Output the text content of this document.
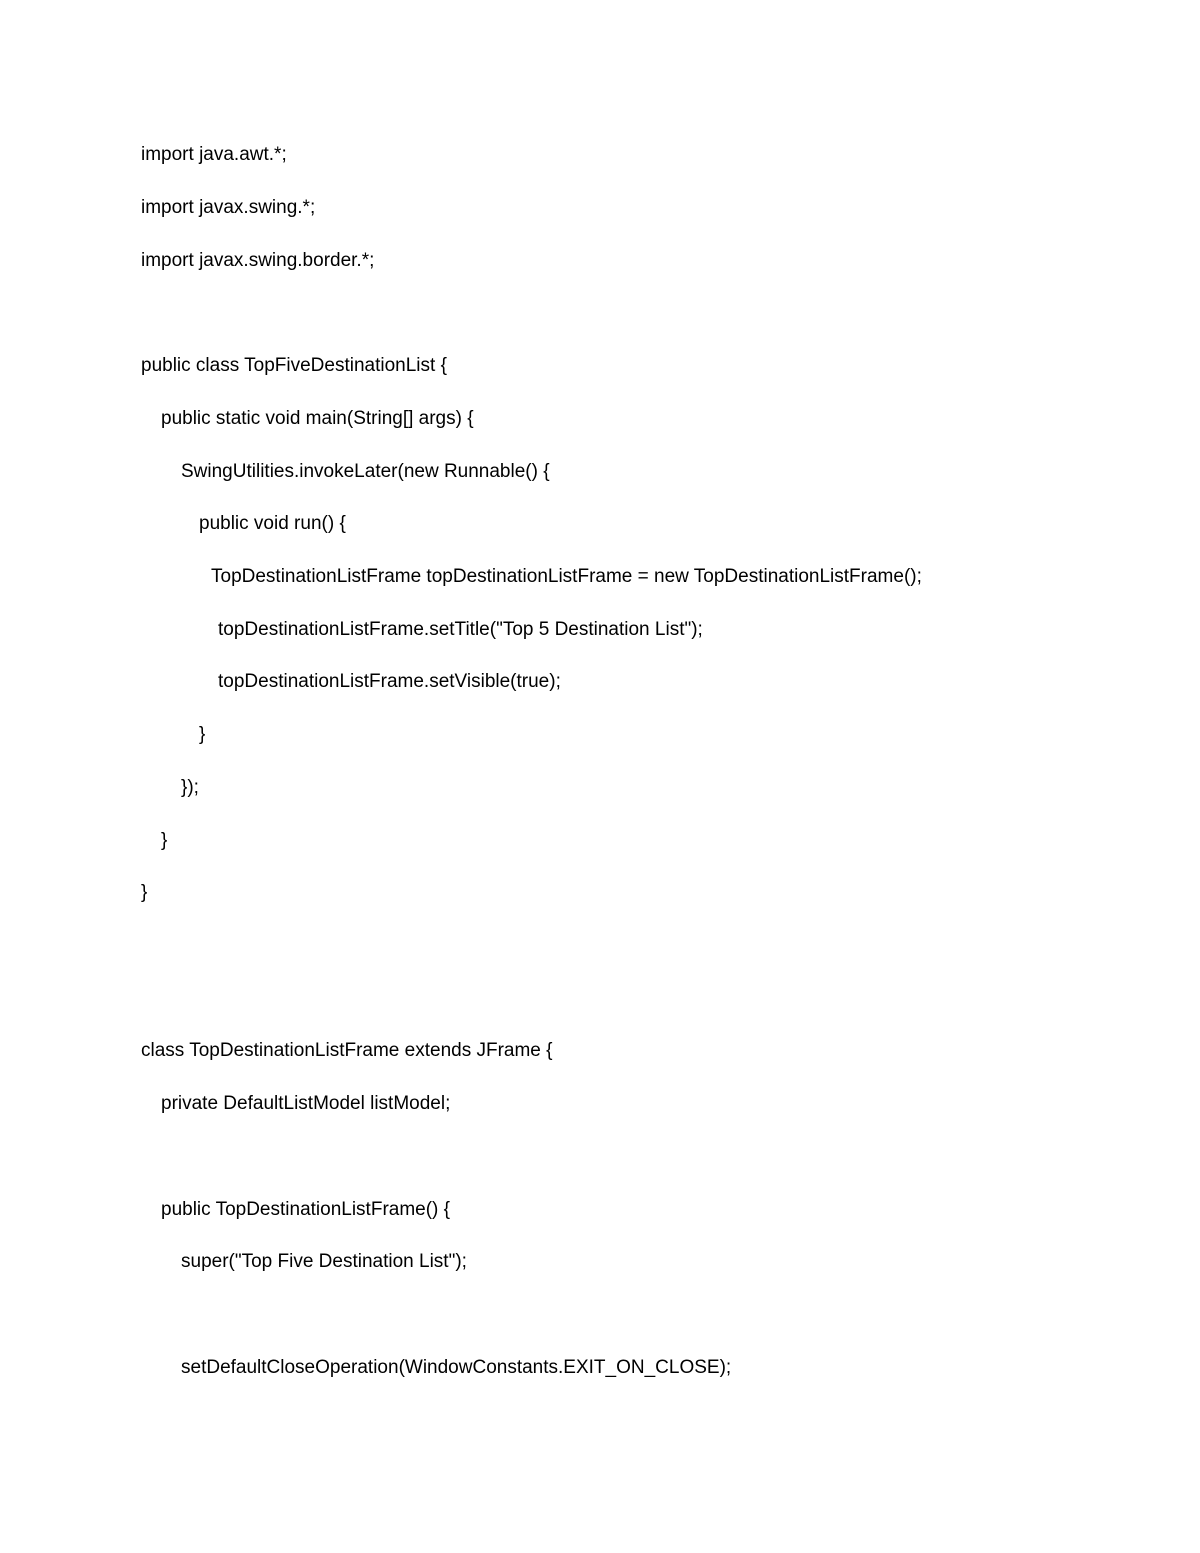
import java.awt.*;

import javax.swing.*;

import javax.swing.border.*;

public class TopFiveDestinationList {

public static void main(String[] args) {

SwingUtilities.invokeLater(new Runnable() {

public void run() {

TopDestinationListFrame topDestinationListFrame = new TopDestinationListFrame();

topDestinationListFrame.setTitle("Top 5 Destination List");

topDestinationListFrame.setVisible(true);

}

});

}

}

class TopDestinationListFrame extends JFrame {

private DefaultListModel listModel;

public TopDestinationListFrame() {

super("Top Five Destination List");

setDefaultCloseOperation(WindowConstants.EXIT_ON_CLOSE);
